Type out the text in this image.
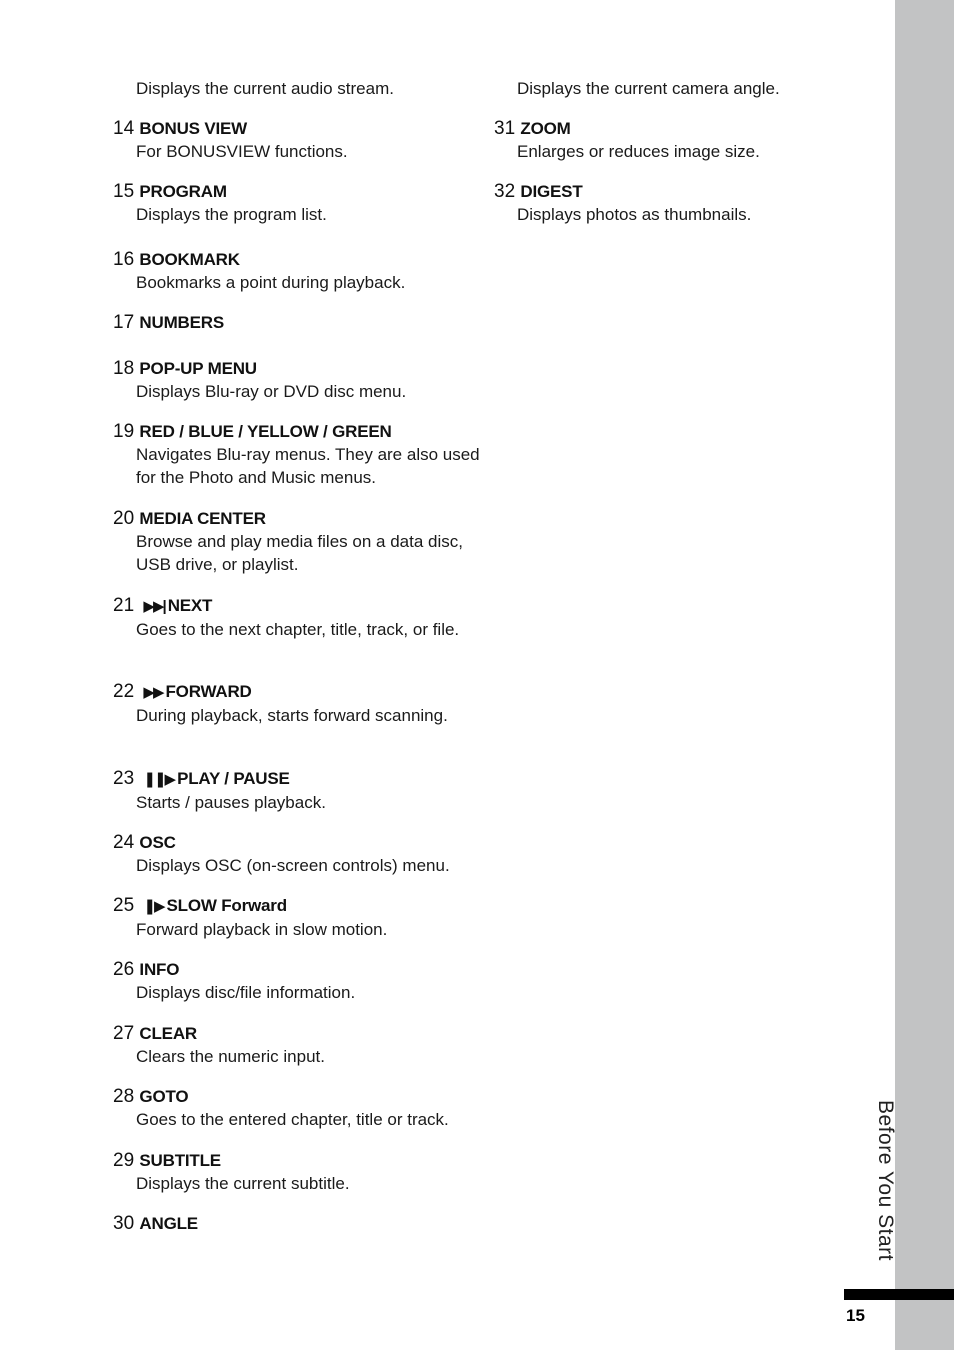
Before You Start
15
Displays the current audio stream.
14 BONUS VIEW
For BONUSVIEW functions.
15 PROGRAM
Displays the program list.
16 BOOKMARK
Bookmarks a point during playback.
17 NUMBERS
18 POP-UP MENU
Displays Blu-ray or DVD disc menu.
19 RED / BLUE / YELLOW / GREEN
Navigates Blu-ray menus. They are also used for the Photo and Music menus.
20 MEDIA CENTER
Browse and play media files on a data disc, USB drive, or playlist.
21 ▶▶| NEXT
Goes to the next chapter, title, track, or file.
22 ▶▶ FORWARD
During playback, starts forward scanning.
23 ❚❚▶ PLAY / PAUSE
Starts / pauses playback.
24 OSC
Displays OSC (on-screen controls) menu.
25 ❚▶ SLOW Forward
Forward playback in slow motion.
26 INFO
Displays disc/file information.
27 CLEAR
Clears the numeric input.
28 GOTO
Goes to the entered chapter, title or track.
29 SUBTITLE
Displays the current subtitle.
30 ANGLE
Displays the current camera angle.
31 ZOOM
Enlarges or reduces image size.
32 DIGEST
Displays photos as thumbnails.
